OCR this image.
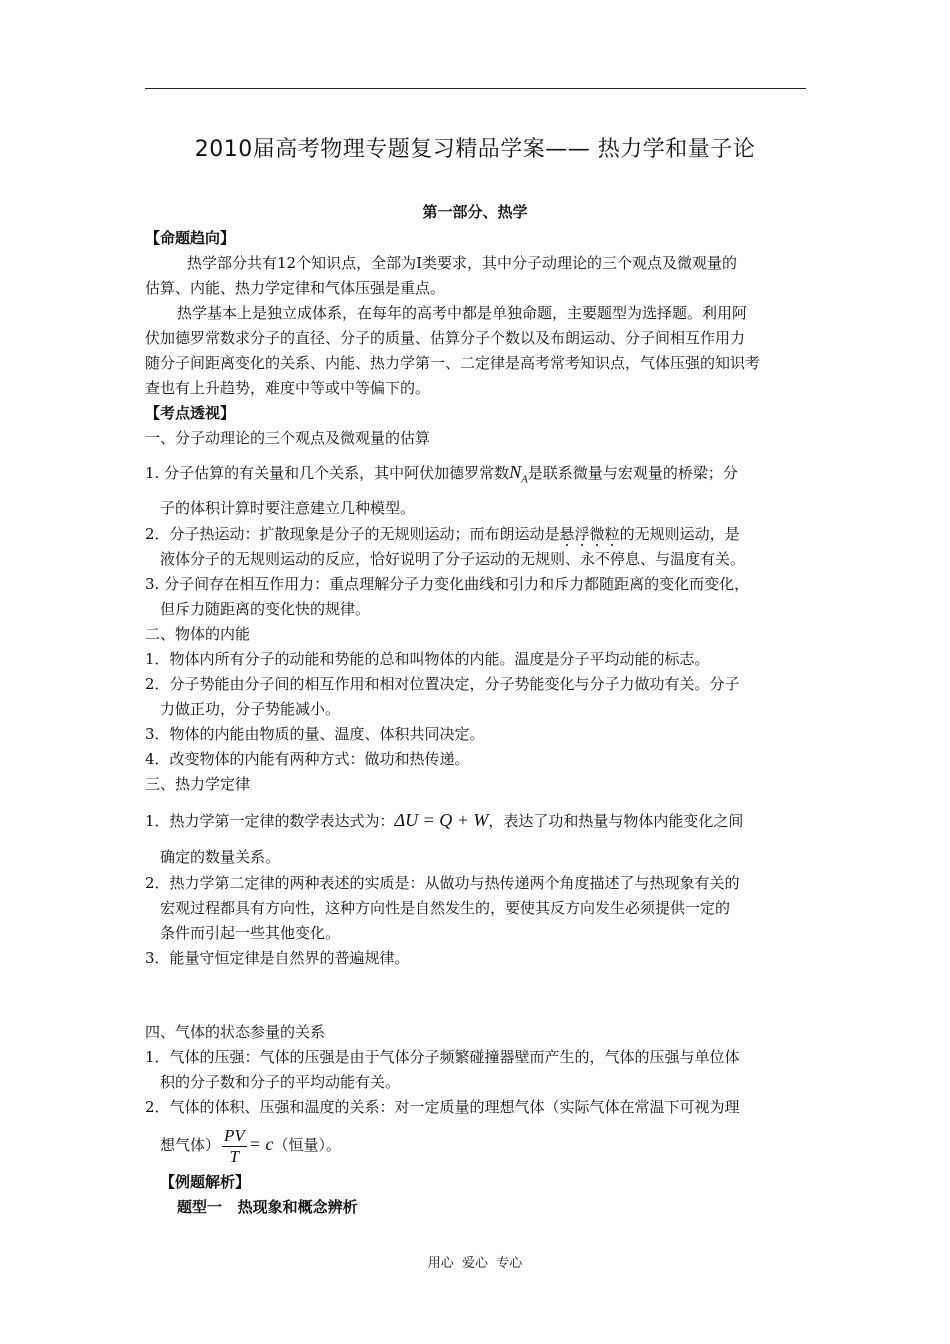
2010届高考物理专题复习精品学案—— 热力学和量子论
第一部分、热学
【命题趋向】
热学部分共有12个知识点，全部为Ⅰ类要求，其中分子动理论的三个观点及微观量的
估算、内能、热力学定律和气体压强是重点。
热学基本上是独立成体系，在每年的高考中都是单独命题，主要题型为选择题。利用阿
伏加德罗常数求分子的直径、分子的质量、估算分子个数以及布朗运动、分子间相互作用力
随分子间距离变化的关系、内能、热力学第一、二定律是高考常考知识点，气体压强的知识考
查也有上升趋势，难度中等或中等偏下的。
【考点透视】
一、分子动理论的三个观点及微观量的估算
1. 分子估算的有关量和几个关系，其中阿伏加德罗常数$N_A$是联系微量与宏观量的桥梁；分
子的体积计算时要注意建立几种模型。
2．分子热运动：扩散现象是分子的无规则运动；而布朗运动是悬浮微粒的无规则运动，是
液体分子的无规则运动的反应，恰好说明了分子运动的无规则、永不停息、与温度有关。
3. 分子间存在相互作用力：重点理解分子力变化曲线和引力和斥力都随距离的变化而变化，
但斥力随距离的变化快的规律。
二、物体的内能
1．物体内所有分子的动能和势能的总和叫物体的内能。温度是分子平均动能的标志。
2．分子势能由分子间的相互作用和相对位置决定，分子势能变化与分子力做功有关。分子
力做正功，分子势能减小。
3．物体的内能由物质的量、温度、体积共同决定。
4．改变物体的内能有两种方式：做功和热传递。
三、热力学定律
1．热力学第一定律的数学表达式为：ΔU = Q + W，表达了功和热量与物体内能变化之间
确定的数量关系。
2．热力学第二定律的两种表述的实质是：从做功与热传递两个角度描述了与热现象有关的
宏观过程都具有方向性，这种方向性是自然发生的，要使其反方向发生必须提供一定的
条件而引起一些其他变化。
3．能量守恒定律是自然界的普遍规律。
四、气体的状态参量的关系
1．气体的压强：气体的压强是由于气体分子频繁碰撞器壁而产生的，气体的压强与单位体
积的分子数和分子的平均动能有关。
2．气体的体积、压强和温度的关系：对一定质量的理想气体（实际气体在常温下可视为理
想气体） $\frac{PV}{T} = c$（恒量）。
【例题解析】
题型一   热现象和概念辨析
用心  爱心  专心
